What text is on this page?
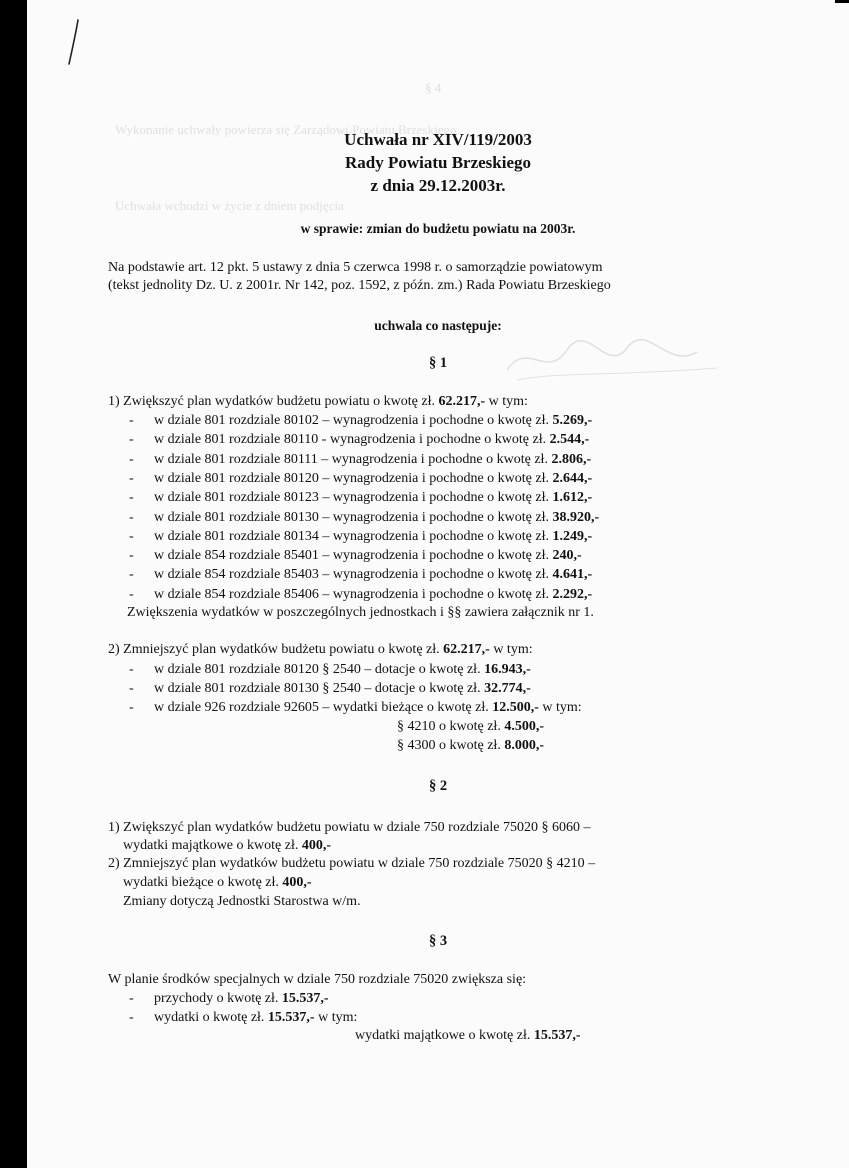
§ 4
Wykonanie uchwały powierza się Zarządowi Powiatu Brzeskiego
Uchwała wchodzi w życie z dniem podjęcia
Uchwała nr XIV/119/2003
Rady Powiatu Brzeskiego
z dnia 29.12.2003r.
w sprawie: zmian do budżetu powiatu na 2003r.
Na podstawie art. 12 pkt. 5 ustawy z dnia 5 czerwca 1998 r. o samorządzie powiatowym
(tekst jednolity Dz. U. z 2001r. Nr 142, poz. 1592, z późn. zm.) Rada Powiatu Brzeskiego
uchwala co następuje:
§ 1
1) Zwiększyć plan wydatków budżetu powiatu o kwotę zł. 62.217,- w tym:
- w dziale 801 rozdziale 80102 – wynagrodzenia i pochodne o kwotę zł. 5.269,-
- w dziale 801 rozdziale 80110 - wynagrodzenia i pochodne o kwotę zł. 2.544,-
- w dziale 801 rozdziale 80111 – wynagrodzenia i pochodne o kwotę zł. 2.806,-
- w dziale 801 rozdziale 80120 – wynagrodzenia i pochodne o kwotę zł. 2.644,-
- w dziale 801 rozdziale 80123 – wynagrodzenia i pochodne o kwotę zł. 1.612,-
- w dziale 801 rozdziale 80130 – wynagrodzenia i pochodne o kwotę zł. 38.920,-
- w dziale 801 rozdziale 80134 – wynagrodzenia i pochodne o kwotę zł. 1.249,-
- w dziale 854 rozdziale 85401 – wynagrodzenia i pochodne o kwotę zł. 240,-
- w dziale 854 rozdziale 85403 – wynagrodzenia i pochodne o kwotę zł. 4.641,-
- w dziale 854 rozdziale 85406 – wynagrodzenia i pochodne o kwotę zł. 2.292,-
Zwiększenia wydatków w poszczególnych jednostkach i §§ zawiera załącznik nr 1.
2) Zmniejszyć plan wydatków budżetu powiatu o kwotę zł. 62.217,- w tym:
- w dziale 801 rozdziale 80120 § 2540 – dotacje o kwotę zł. 16.943,-
- w dziale 801 rozdziale 80130 § 2540 – dotacje o kwotę zł. 32.774,-
- w dziale 926 rozdziale 92605 – wydatki bieżące o kwotę zł. 12.500,- w tym:
§ 4210 o kwotę zł. 4.500,-
§ 4300 o kwotę zł. 8.000,-
§ 2
1) Zwiększyć plan wydatków budżetu powiatu w dziale 750 rozdziale 75020 § 6060 –
wydatki majątkowe o kwotę zł. 400,-
2) Zmniejszyć plan wydatków budżetu powiatu w dziale 750 rozdziale 75020 § 4210 –
wydatki bieżące o kwotę zł. 400,-
Zmiany dotyczą Jednostki Starostwa w/m.
§ 3
W planie środków specjalnych w dziale 750 rozdziale 75020 zwiększa się:
- przychody o kwotę zł. 15.537,-
- wydatki o kwotę zł. 15.537,- w tym:
wydatki majątkowe o kwotę zł. 15.537,-
